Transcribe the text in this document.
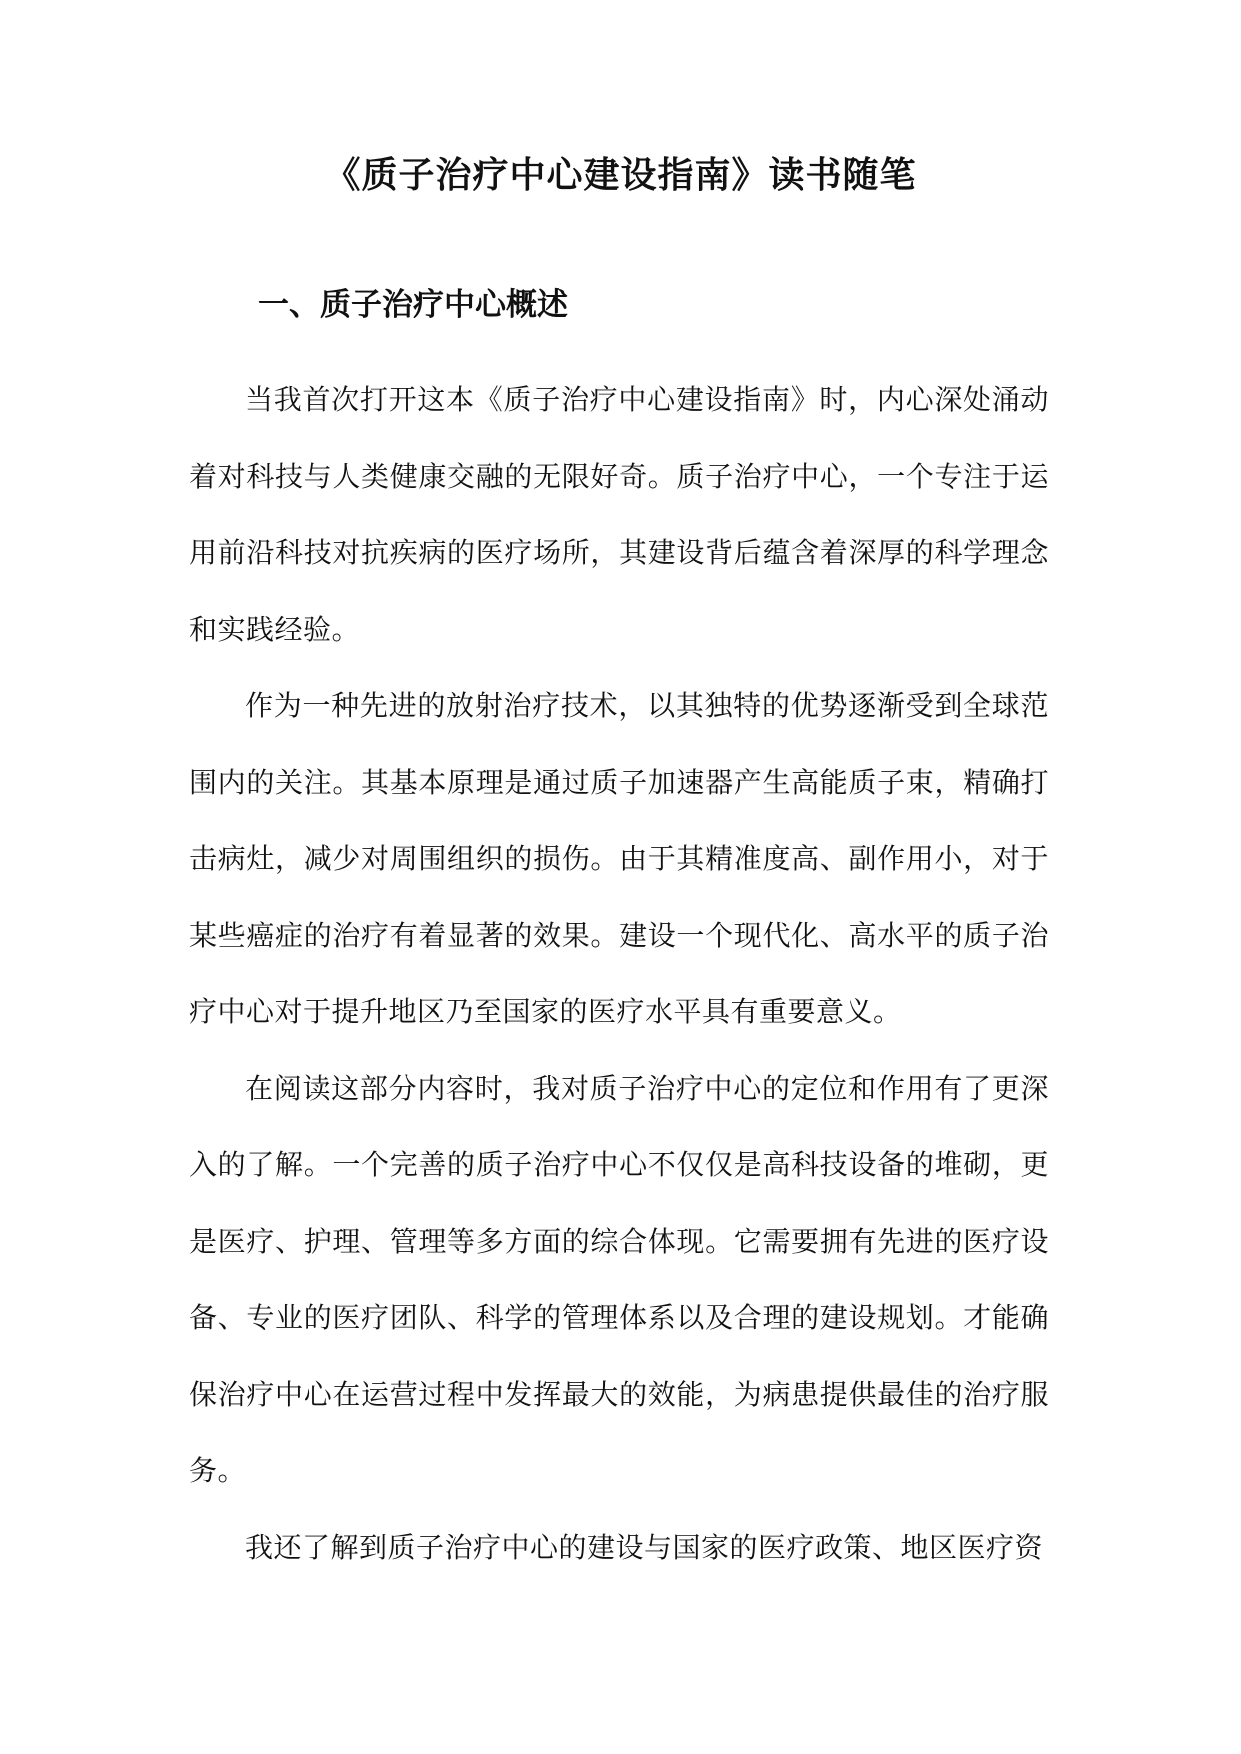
《质子治疗中心建设指南》读书随笔
一、质子治疗中心概述

当我首次打开这本《质子治疗中心建设指南》时，内心深处涌动着对科技与人类健康交融的无限好奇。质子治疗中心，一个专注于运用前沿科技对抗疾病的医疗场所，其建设背后蕴含着深厚的科学理念和实践经验。

作为一种先进的放射治疗技术，以其独特的优势逐渐受到全球范围内的关注。其基本原理是通过质子加速器产生高能质子束，精确打击病灶，减少对周围组织的损伤。由于其精准度高、副作用小，对于某些癌症的治疗有着显著的效果。建设一个现代化、高水平的质子治疗中心对于提升地区乃至国家的医疗水平具有重要意义。

在阅读这部分内容时，我对质子治疗中心的定位和作用有了更深入的了解。一个完善的质子治疗中心不仅仅是高科技设备的堆砌，更是医疗、护理、管理等多方面的综合体现。它需要拥有先进的医疗设备、专业的医疗团队、科学的管理体系以及合理的建设规划。才能确保治疗中心在运营过程中发挥最大的效能，为病患提供最佳的治疗服务。

我还了解到质子治疗中心的建设与国家的医疗政策、地区医疗资
